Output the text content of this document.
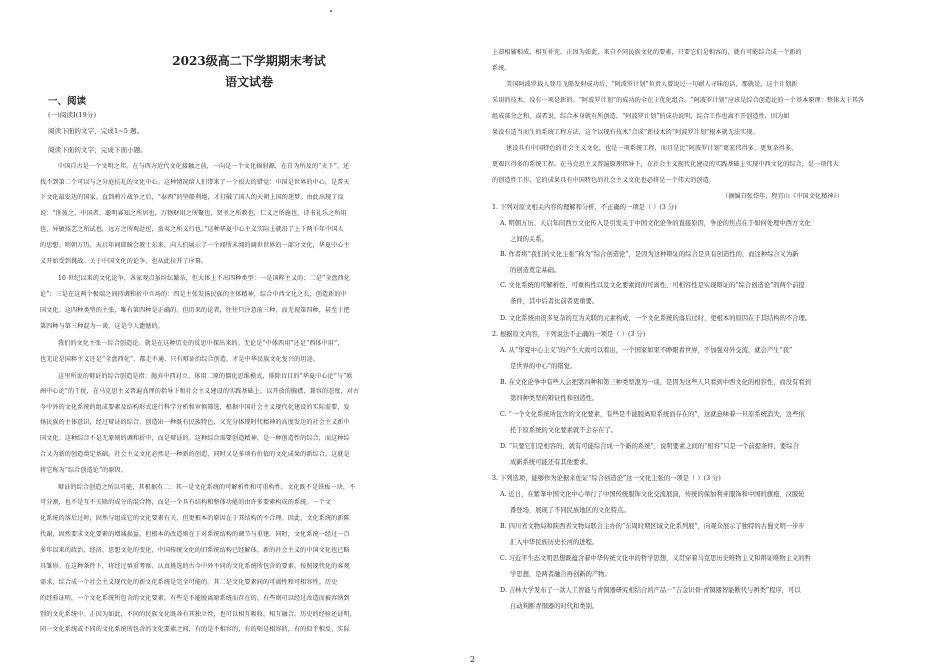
2023级高二下学期期末考试
语文试卷
一、阅读
(一)阅读Ⅰ(19分)
阅读下面的文字，完成1~5 题。
阅读下面的文字，完成下面小题。
中国自古是一个文明之邦。在与西方近代文化接触之前，一向是一个文化辐射源，在自为所及的“天下”，还
找不到第二个可以与之分庭抗礼的文化中心。这种情况给人们带来了一个很大的错觉：中国是世界的中心，是普天
下文化最发达的国家。直到鸦片战争之后，“泰西”的坚船利炮，才打破了国人的天朝上国的迷梦。由此出现了反
说：“匪彼之，中国者，聪明睿知之所居也，万物财用之所聚也，贤圣之所教也，仁义之所施也，诗书礼乐之所用
也，异敏技艺之所试也，远方之所观赴也，蛮夷之所义行也。”这种华夏中心主义实际上就沿了上下两千年中国人
的思想。明朝万历、天启年间耶稣会教士东来，向人们展示了一个闻所未闻的阔世世界的一部分文化，华夏中心主
义开始受到挑战。关于中国文化的论争，也从此拉开了序幕。
16 世纪以来的文化论争，各家观点虽纷纭繁杂，但大体上不出四种类型：一是国粹主义的；二是“全盘西化
论”；三是在这两个极端之间持调和折中立场的：四是主张发扬民族的主体精神，综合中西文化之长，创造新的中
国文化。这四种类型的主张，唯有第四种是正确的。但历来的论者，往往只注意前三种，而无视第四种，甚至于把
第四种与第三种混为一谈，这是令人遗憾的。
我们的文化主张一综合创造论。就是在这种历史的反思中探出来的。无论是“中体西用”还是“西体中用”，
也无论是国粹主义还是“全盘西化”，都走不通，只有辩证的综合创造，才是中华民族文化复兴的坦途。
这里所说的辩证的综合创造是指：抛弃中西对立、体用二原的僵化思维模式，排除盲目的“华夏中心论”与“欧
洲中心论”的干扰，在马克思主义普遍真理的指导下和社会主义建设的实践基础上，以开放的胸襟，兼容的态度，对古
今中外的文化系统的组成要素及结构形式进行科学分析和审慎筛选，根据中国社会主义现代化建设的实际需要，发
扬民族的主体意识，经过辩证的综合，创造出一种既有民族特色，又充分体现时代精神的高度发达的社会主义新中
国文化。这种综合不是无原则的调和折中，而是辩证的。这种综合需要创造精神，是一种创造性的综合，而这种综
合又为新的创造奠定基础。社会主义文化必然是一种新的创造，同时又是多项有价值的文化成果的新综合。这就是
将它称为“综合创造论”的原因。
辩证的综合创造之所以可能，其根据有二：其一是文化系统的可解析性和可重构性。文化既不是铁板一块，不
可分割，也不是互不关联的成分的混合物，而是一个具有结构和整体功能的由许多要素构成的系统。一个文
化系统的落后过时，固然与组成它的文化要素有关，但更根本的原因在于其结构的不合理。因此，文化系统的新陈
代谢，固然要求文化要素的增减损益，但根本的改造则在于对系统结构的调节与重建。同时，文化系统一经过一百
多年以来的政治、经济、思想文化的变化，中国传统文化的旧系统结构已经解体，新的社会主义的中国文化也已略
具雏形。在这种条件下，将经过慎重考察、认真挑选的古今中外不同的文化系统所包含的要素，按照现代化的客观
需求，综合成一个社会主义现代化的新文化系统是完全可能的。其二是文化要素间的可离性和可相容性。历史
的经验证明，一个文化系统所包含的文化要素，有些是不能脱离原系统而存在的，有些则可以经过改造而被容纳到
别的文化系统中。正因为如此，不同的民族文化既各有其独立性，也可以相互吸收、相互融合。历史的经验还证明，
同一文化系统或不同的文化系统所包含的文化要素之间，有的是不相容的，有的则是相容的，有的似乎相反，实际
上却相辅相成、相互补充。正因为如此，来自不同民族文化的要素，只要它们是相容的，就有可能综合成一个新的
系统。
美国阿波罗载人登月飞船发射成功后，“阿波罗计划”负责人曾说过一句耐人寻味的话，那就是，这个计划新
采用的技术，没有一项是新的。“阿波罗计划”的成功的全在于优化组合。“阿波罗计划”应该是综合创造论的一个基本原理：整体大于其各
组成部分之和，或者说，综合本身就有所创造。“阿波罗计划”的成功说明，综合工作也离不开创造性，因为如
果没有适当而生的系统工程方法，这个以现有技术“合成”新技术的“阿波罗计划”根本就无法实现。
建设具有中国特色的社会主义文化，也是一项系统工程，而且是比“阿波罗计划”更宏伟得多、更复杂得多、
更艰巨得多的系统工程。在马克思主义普遍原理指导下，在社会主义现代化建设的实践基础上实现中西文化的综合，是一项伟大
的创造性工作，它的成果具有中国特色的社会主义文化也必将是一个伟大的创造。
（摘编自张岱年、程宜山《中国文化精神》）
1. 下列对原文相关内容的理解和分析，不正确的一项是（ ）(3 分)
A. 明朝万历、天启年间西方文化传入是引发关于中国文化论争的直接原因，争论的焦点在于如何处理中西方文化
之间的关系。
B. 作者将“我们的文化主张”称为“综合创造论”，是因为这种辩证的综合是具有创造性的，而这种综合又为新
的创造奠定基础。
C. 文化系统的可解析性、可重构性以及文化要素间的可离性、可相容性是实现辩证的“综合创造论”的两个前提
条件，其中后者比前者更重要。
D. 文化系统由很多复杂的互为关联的元素构成，一个文化系统的落后过时，更根本的原因在于其结构的不合理。
2. 根据原文内容，下列说法不正确的一项是（ ）(3 分)
A. 从“华夏中心主义”的产生大致可以看出，一个国家如果不睁眼看世界，不加强对外交流，就会产生“我”
是世界的中心”的错觉。
B. 在文化论争中有些人会把第四种和第三种类型混为一谈，是因为这些人只看到中西文化的相容性，而没有看到
第四种类型的辩证性和创造性。
C. “一个文化系统所包含的文化要素，有些是不能脱离原系统而存在的”，这就意味着一旦原系统消失，这些依
托于原系统的文化要素就不会存在了。
D. “只要它们是相容的，就有可能综合成一个新的系统”，说明要素之间的“相容”只是一个前提条件，要综合
成新系统可能还有其他要求。
3. 下列选项，能够作为论据来佐证“综合创造论”这一文化主张的一项是（ ）(3 分)
A. 近日，在紫峯中国文化中心举行了中国传统服饰文化交流展演，传统的保加利亚服饰和中国的旗袍、汉服轮
番登场，展现了不同民族地区的文化特点。
B. 四川省文物局和陕西省文物局联合主办的“东周时期区域文化系列展”，向观众展示了独特的古蜀文明一步步
汇入中华民族历史长河的进程。
C. 习近平生态文明思想既蕴含着中华传统文化中的哲学思想，又贯穿着马克思历史唯物主义和辩证唯物主义的哲
学思想，是两者融合再创新的产物。
D. 吉林大学发布了一款人工智能与青铜器研究相结合的产品－“吉金识骨·青铜器智能断代与辨类”程序，可以
自动判断青铜器的时代和类别。
2
